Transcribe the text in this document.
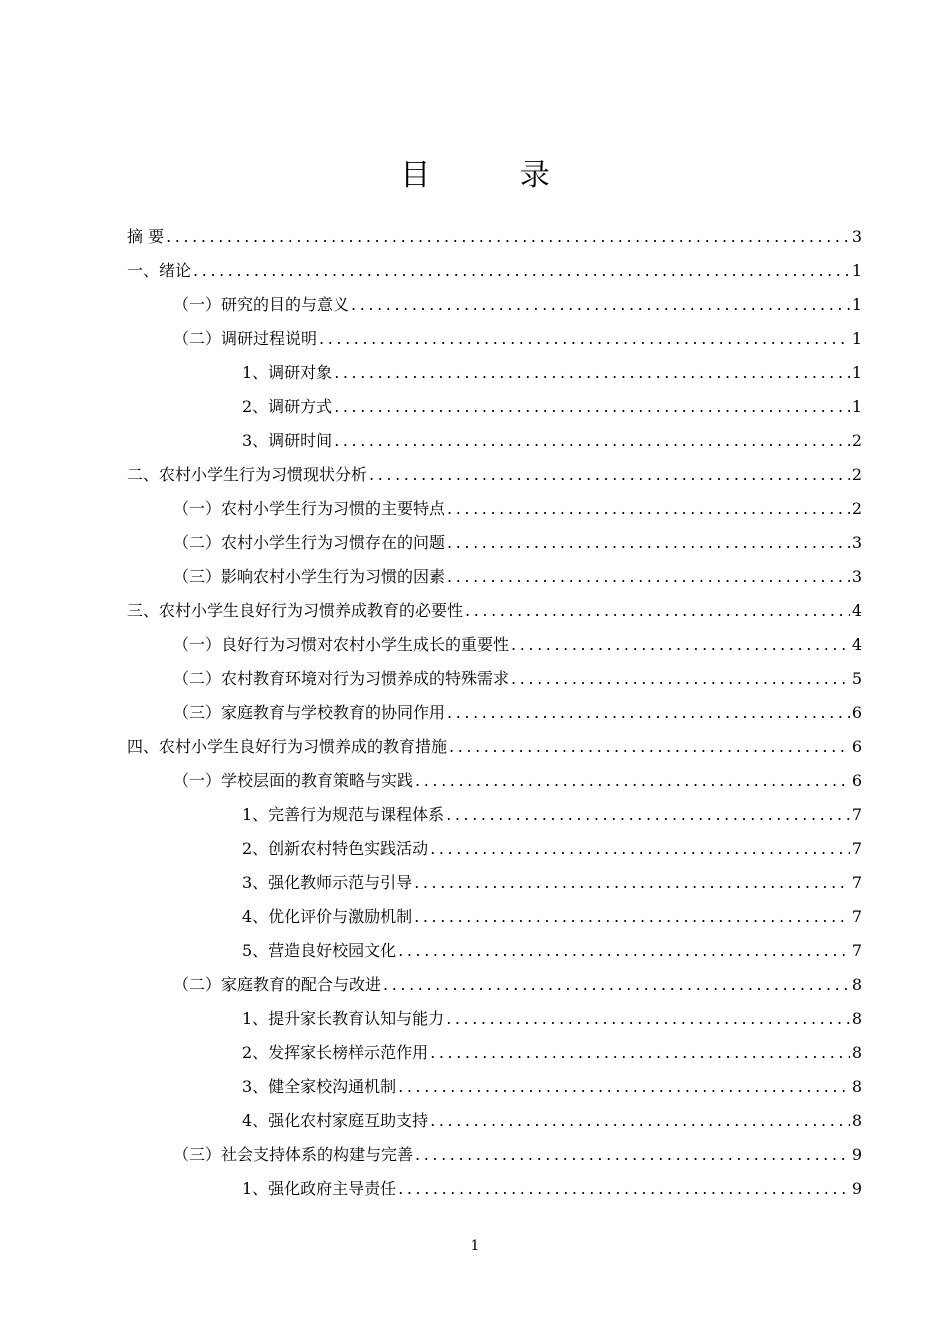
目 录
摘 要 .....	3
一、绪论 .....	1
（一）研究的目的与意义 .....	1
（二）调研过程说明 .....	1
1、调研对象 .....	1
2、调研方式 .....	1
3、调研时间 .....	2
二、农村小学生行为习惯现状分析 .....	2
（一）农村小学生行为习惯的主要特点 .....	2
（二）农村小学生行为习惯存在的问题 .....	3
（三）影响农村小学生行为习惯的因素 .....	3
三、农村小学生良好行为习惯养成教育的必要性 .....	4
（一）良好行为习惯对农村小学生成长的重要性 .....	4
（二）农村教育环境对行为习惯养成的特殊需求 .....	5
（三）家庭教育与学校教育的协同作用 .....	6
四、农村小学生良好行为习惯养成的教育措施 .....	6
（一）学校层面的教育策略与实践 .....	6
1、完善行为规范与课程体系 .....	7
2、创新农村特色实践活动 .....	7
3、强化教师示范与引导 .....	7
4、优化评价与激励机制 .....	7
5、营造良好校园文化 .....	7
（二）家庭教育的配合与改进 .....	8
1、提升家长教育认知与能力 .....	8
2、发挥家长榜样示范作用 .....	8
3、健全家校沟通机制 .....	8
4、强化农村家庭互助支持 .....	8
（三）社会支持体系的构建与完善 .....	9
1、强化政府主导责任 .....	9
1
